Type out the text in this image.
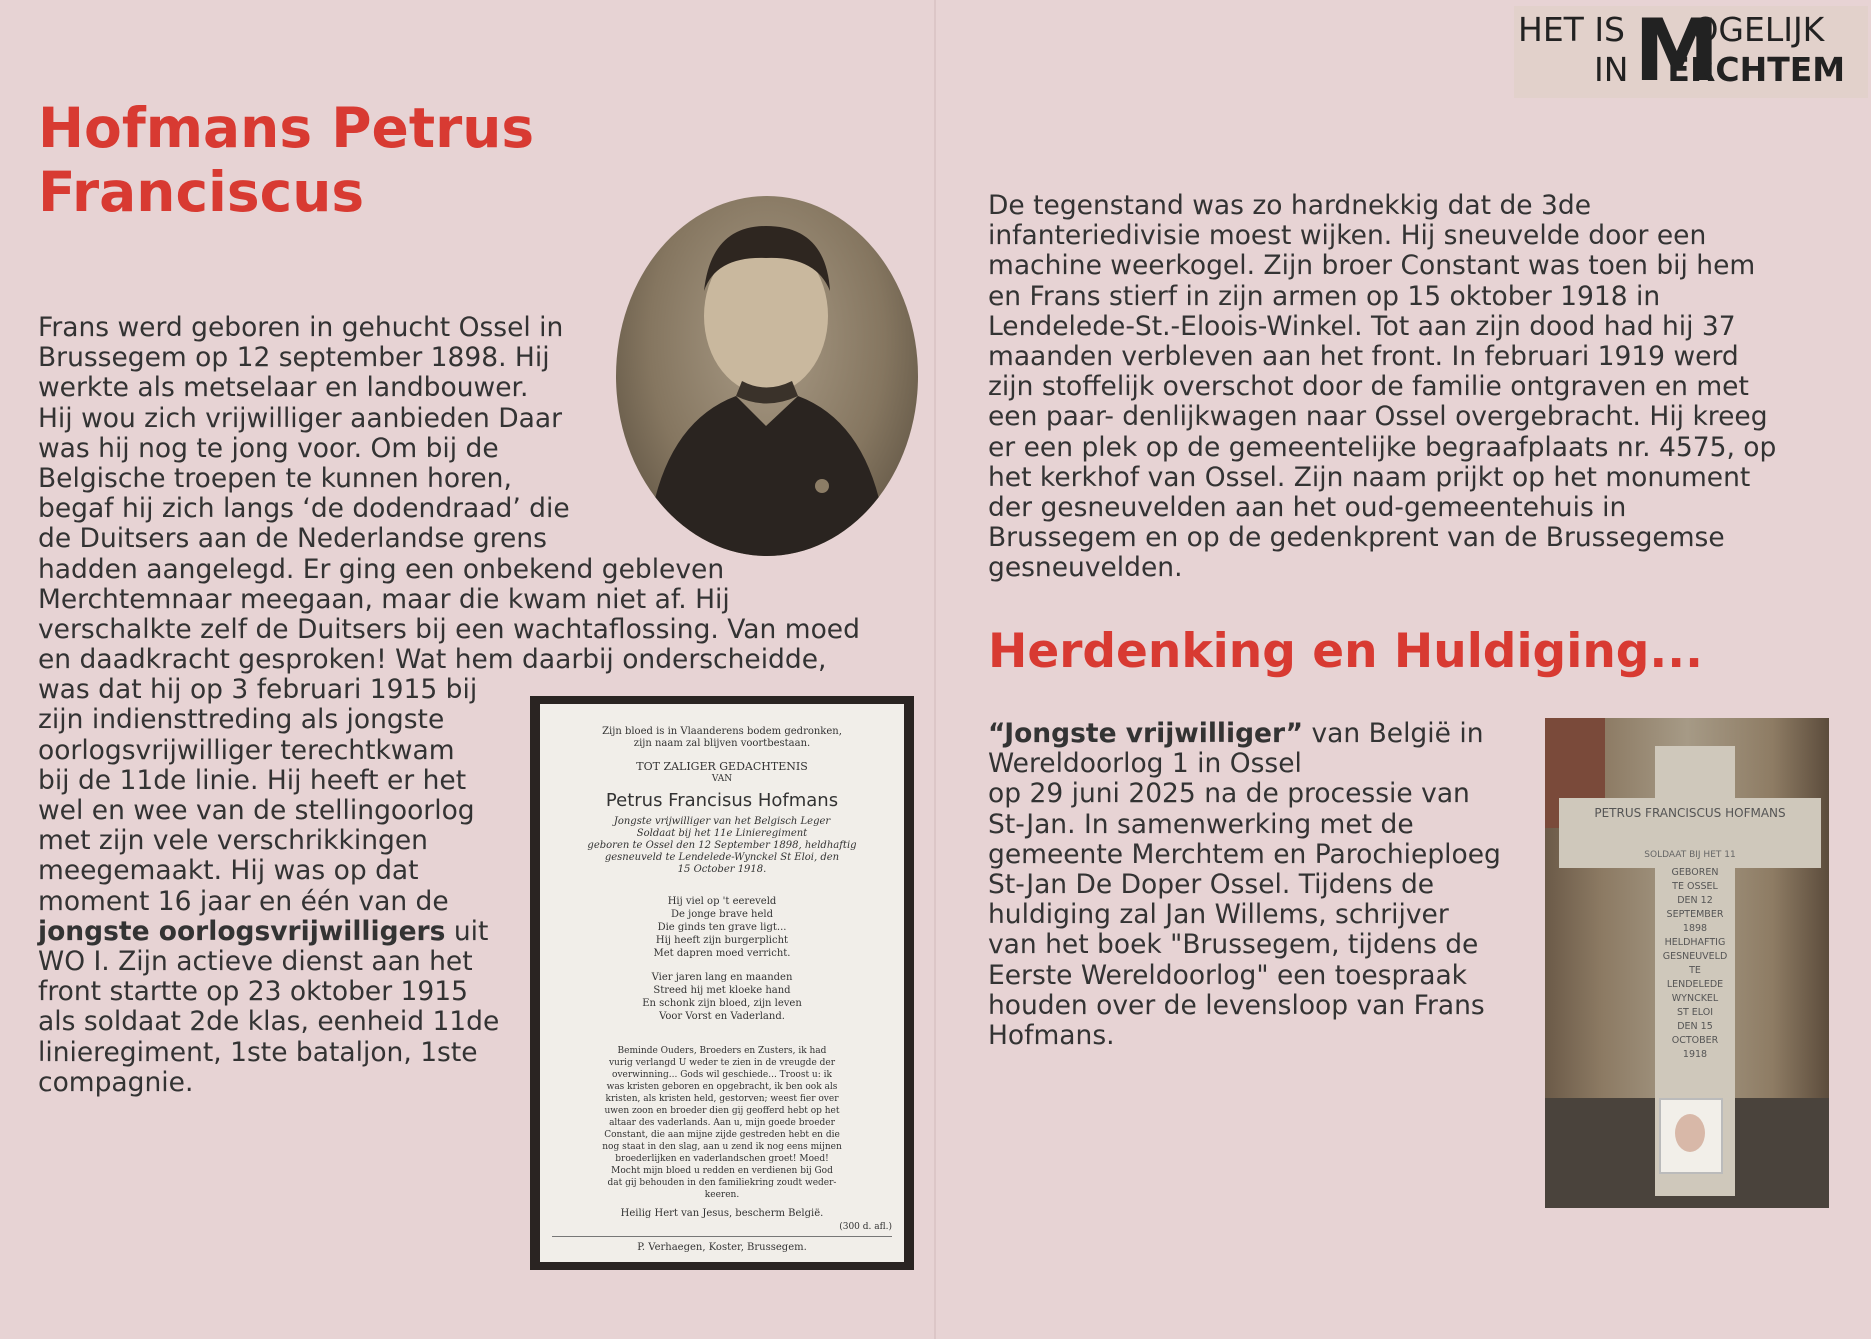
HET IS OGELIJK
M
IN ERCHTEM
Hofmans Petrus
Franciscus
Frans werd geboren in gehucht Ossel in
Brussegem op 12 september 1898. Hij
werkte als metselaar en landbouwer.
Hij wou zich vrijwilliger aanbieden Daar
was hij nog te jong voor. Om bij de
Belgische troepen te kunnen horen,
begaf hij zich langs ‘de dodendraad’ die
de Duitsers aan de Nederlandse grens
hadden aangelegd. Er ging een onbekend gebleven
Merchtemnaar meegaan, maar die kwam niet af. Hij
verschalkte zelf de Duitsers bij een wachtaflossing. Van moed
en daadkracht gesproken! Wat hem daarbij onderscheidde,
was dat hij op 3 februari 1915 bij
zijn indiensttreding als jongste
oorlogsvrijwilliger terechtkwam
bij de 11de linie. Hij heeft er het
wel en wee van de stellingoorlog
met zijn vele verschrikkingen
meegemaakt. Hij was op dat
moment 16 jaar en één van de
jongste oorlogsvrijwilligers uit
WO I. Zijn actieve dienst aan het
front startte op 23 oktober 1915
als soldaat 2de klas, eenheid 11de
linieregiment, 1ste bataljon, 1ste
compagnie.
Zijn bloed is in Vlaanderens bodem gedronken,
zijn naam zal blijven voortbestaan.
TOT ZALIGER GEDACHTENIS
VAN
Petrus Francisus Hofmans
Jongste vrijwilliger van het Belgisch Leger
Soldaat bij het 11e Linieregiment
geboren te Ossel den 12 September 1898, heldhaftig
gesneuveld te Lendelede-Wynckel St Eloi, den
15 October 1918.
Hij viel op 't eereveld
De jonge brave held
Die ginds ten grave ligt...
Hij heeft zijn burgerplicht
Met dapren moed verricht.
Vier jaren lang en maanden
Streed hij met kloeke hand
En schonk zijn bloed, zijn leven
Voor Vorst en Vaderland.
Beminde Ouders, Broeders en Zusters, ik had
vurig verlangd U weder te zien in de vreugde der
overwinning... Gods wil geschiede... Troost u: ik
was kristen geboren en opgebracht, ik ben ook als
kristen, als kristen held, gestorven; weest fier over
uwen zoon en broeder dien gij geofferd hebt op het
altaar des vaderlands. Aan u, mijn goede broeder
Constant, die aan mijne zijde gestreden hebt en die
nog staat in den slag, aan u zend ik nog eens mijnen
broederlijken en vaderlandschen groet! Moed!
Mocht mijn bloed u redden en verdienen bij God
dat gij behouden in den familiekring zoudt weder-
keeren.
Heilig Hert van Jesus, bescherm België.
(300 d. afl.)
P. Verhaegen, Koster, Brussegem.
De tegenstand was zo hardnekkig dat de 3de
infanteriedivisie moest wijken. Hij sneuvelde door een
machine weerkogel. Zijn broer Constant was toen bij hem
en Frans stierf in zijn armen op 15 oktober 1918 in
Lendelede-St.-Eloois-Winkel. Tot aan zijn dood had hij 37
maanden verbleven aan het front. In februari 1919 werd
zijn stoffelijk overschot door de familie ontgraven en met
een paar- denlijkwagen naar Ossel overgebracht. Hij kreeg
er een plek op de gemeentelijke begraafplaats nr. 4575, op
het kerkhof van Ossel. Zijn naam prijkt op het monument
der gesneuvelden aan het oud-gemeentehuis in
Brussegem en op de gedenkprent van de Brussegemse
gesneuvelden.
Herdenking en Huldiging...
“Jongste vrijwilliger” van België in
Wereldoorlog 1 in Ossel
op 29 juni 2025 na de processie van
St-Jan. In samenwerking met de
gemeente Merchtem en Parochieploeg
St-Jan De Doper Ossel. Tijdens de
huldiging zal Jan Willems, schrijver
van het boek "Brussegem, tijdens de
Eerste Wereldoorlog" een toespraak
houden over de levensloop van Frans
Hofmans.
PETRUS FRANCISCUS HOFMANS
SOLDAAT BIJ HET 11
GEBOREN
TE OSSEL
DEN 12
SEPTEMBER
1898
HELDHAFTIG
GESNEUVELD
TE
LENDELEDE
WYNCKEL
ST ELOI
DEN 15
OCTOBER
1918
